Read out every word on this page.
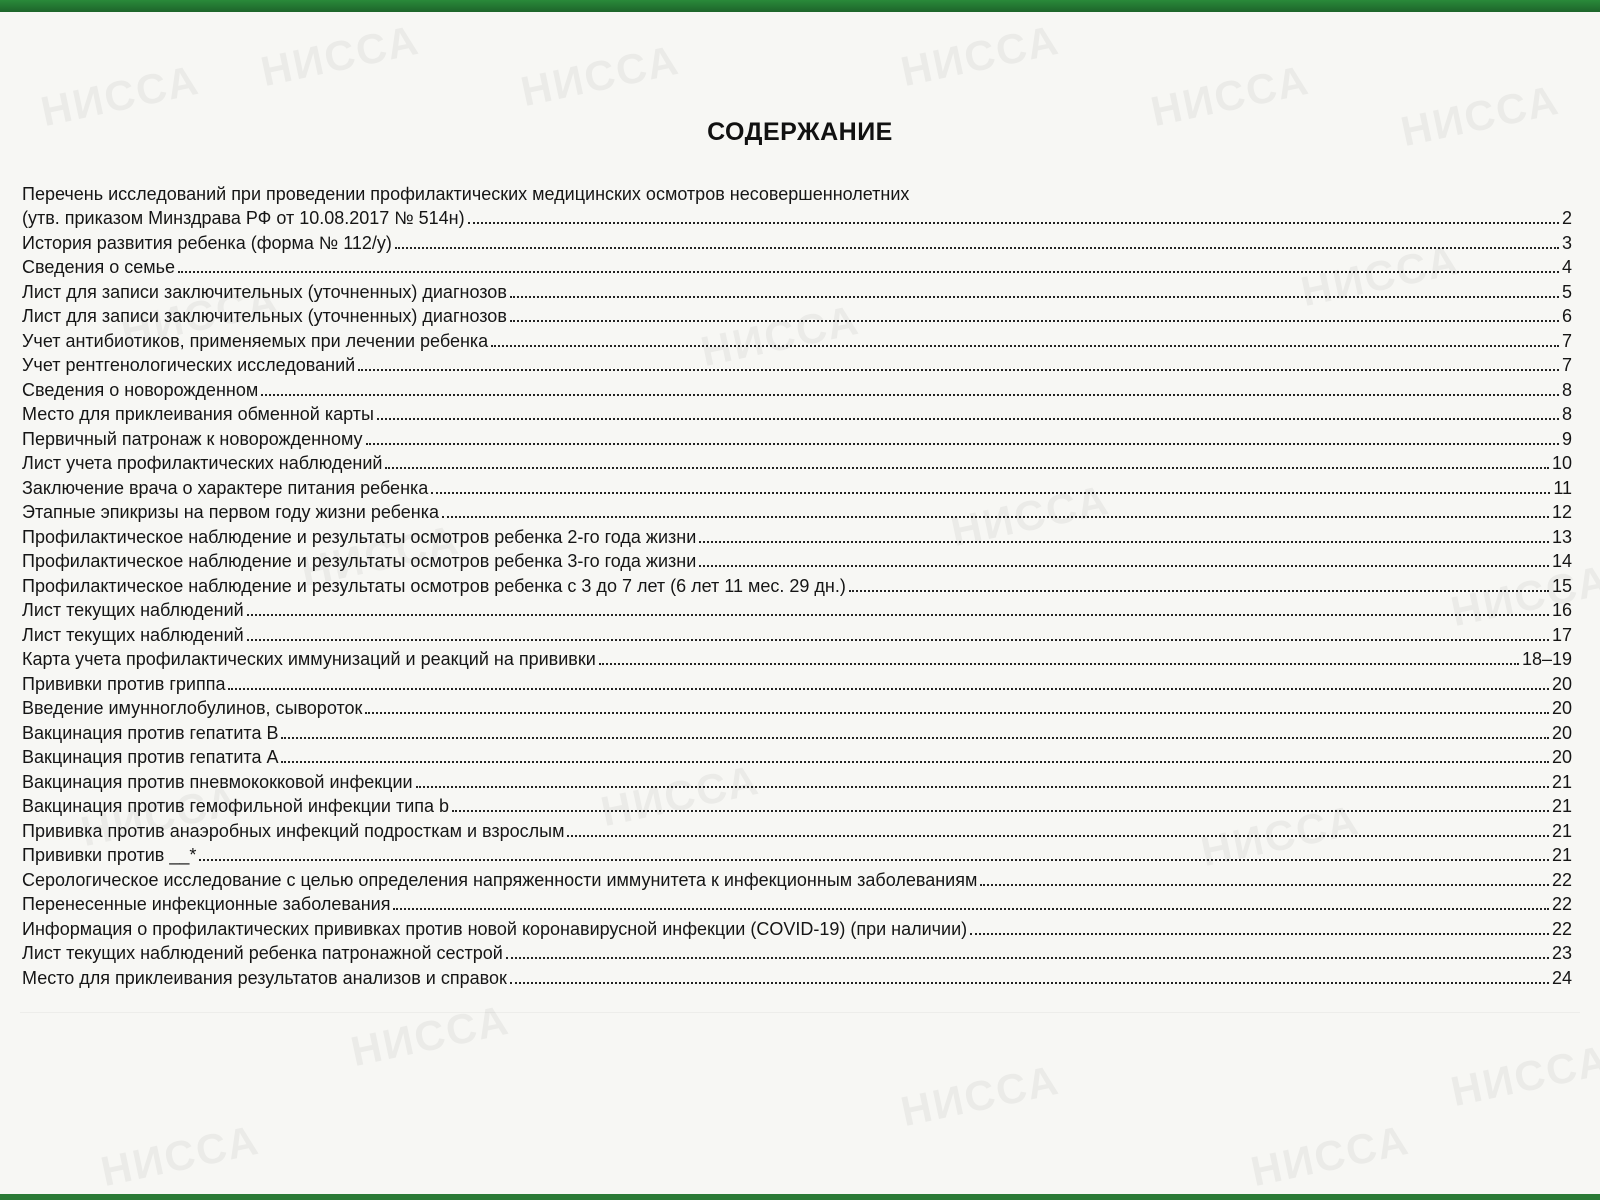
СОДЕРЖАНИЕ
Перечень исследований при проведении профилактических медицинских осмотров несовершеннолетних
(утв. приказом Минздрава РФ от 10.08.2017 № 514н)	2
История развития ребенка (форма № 112/у)	3
Сведения о семье	4
Лист для записи заключительных (уточненных) диагнозов	5
Лист для записи заключительных (уточненных) диагнозов	6
Учет антибиотиков, применяемых при лечении ребенка	7
Учет рентгенологических исследований	7
Сведения о новорожденном	8
Место для приклеивания обменной карты	8
Первичный патронаж к новорожденному	9
Лист учета профилактических наблюдений	10
Заключение врача о характере питания ребенка	11
Этапные эпикризы на первом году жизни ребенка	12
Профилактическое наблюдение и результаты осмотров ребенка 2-го года жизни	13
Профилактическое наблюдение и результаты осмотров ребенка 3-го года жизни	14
Профилактическое наблюдение и результаты осмотров ребенка с 3 до 7 лет (6 лет 11 мес. 29 дн.)	15
Лист текущих наблюдений	16
Лист текущих наблюдений	17
Карта учета профилактических иммунизаций и реакций на прививки	18–19
Прививки против гриппа	20
Введение имунноглобулинов, сывороток	20
Вакцинация против гепатита В	20
Вакцинация против гепатита А	20
Вакцинация против пневмококковой инфекции	21
Вакцинация против гемофильной инфекции типа b	21
Прививка против анаэробных инфекций подросткам и взрослым	21
Прививки против __*	21
Серологическое исследование с целью определения напряженности иммунитета к инфекционным заболеваниям	22
Перенесенные инфекционные заболевания	22
Информация о профилактических прививках против новой коронавирусной инфекции (COVID-19) (при наличии)	22
Лист текущих наблюдений ребенка патронажной сестрой	23
Место для приклеивания результатов анализов и справок	24
